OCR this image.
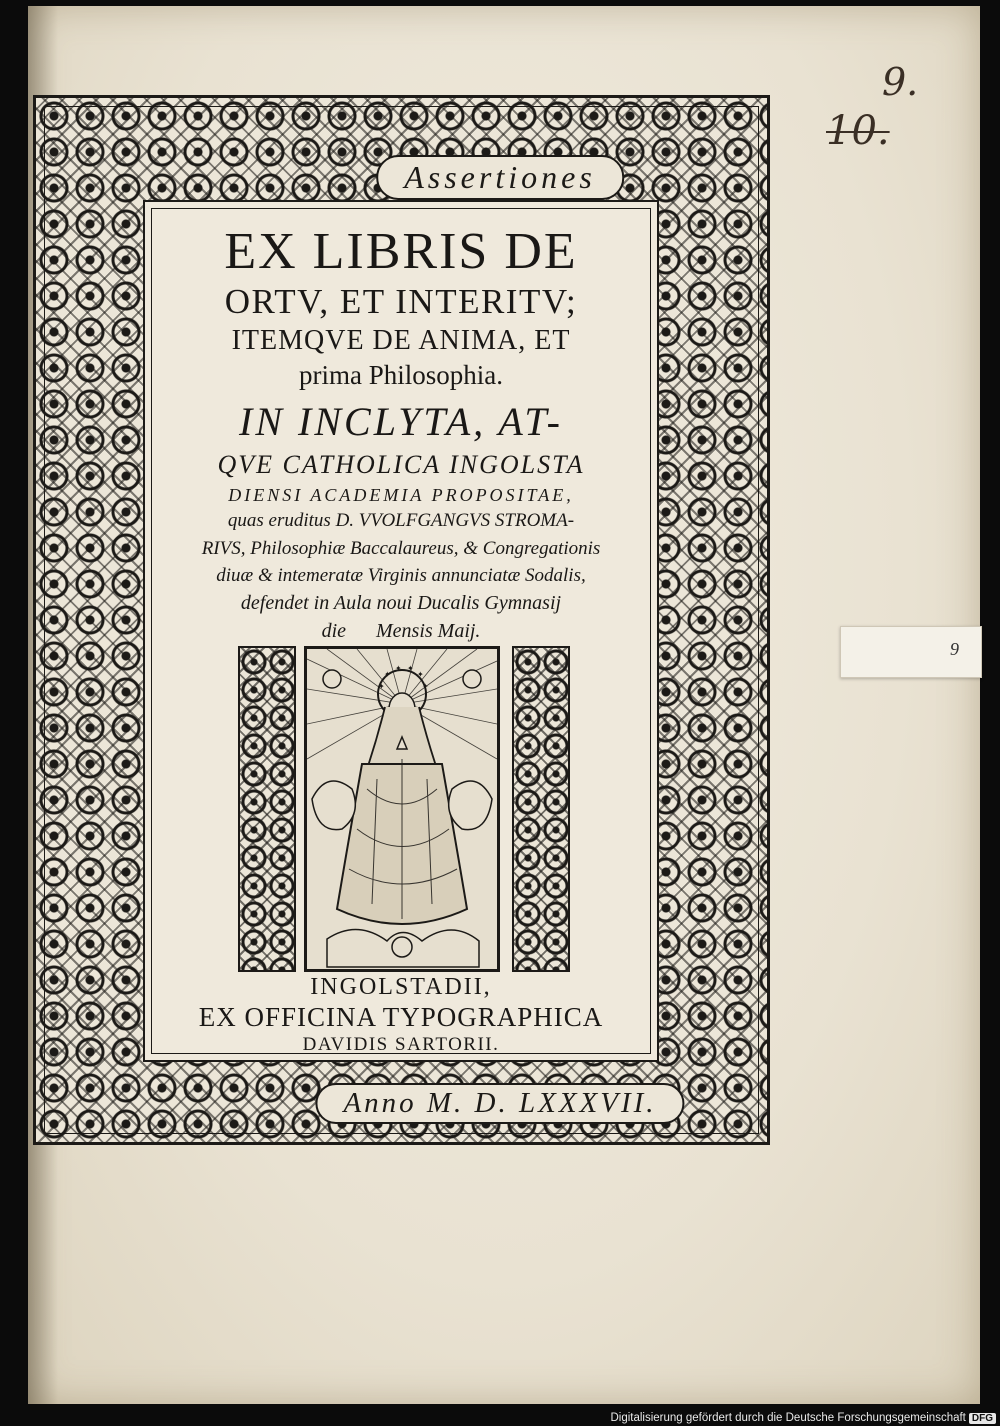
9.
10.
9
Assertiones
EX LIBRIS DE
ORTV, ET INTERITV;
ITEMQVE DE ANIMA, ET
prima Philosophia.
IN INCLYTA, AT-
QVE CATHOLICA INGOLSTA
DIENSI ACADEMIA PROPOSITAE,
quas eruditus D. VVOLFGANGVS STROMA-
RIVS, Philosophiæ Baccalaureus, & Congregationis
diuæ & intemeratæ Virginis annunciatæ Sodalis,
defendet in Aula noui Ducalis Gymnasij
die Mensis Maij.
✦
✦
✦ ✦
✦
✦
INGOLSTADII,
EX OFFICINA TYPOGRAPHICA
DAVIDIS SARTORII.
Anno M. D. LXXXVII.
Digitalisierung gefördert durch die Deutsche Forschungsgemeinschaft DFG
